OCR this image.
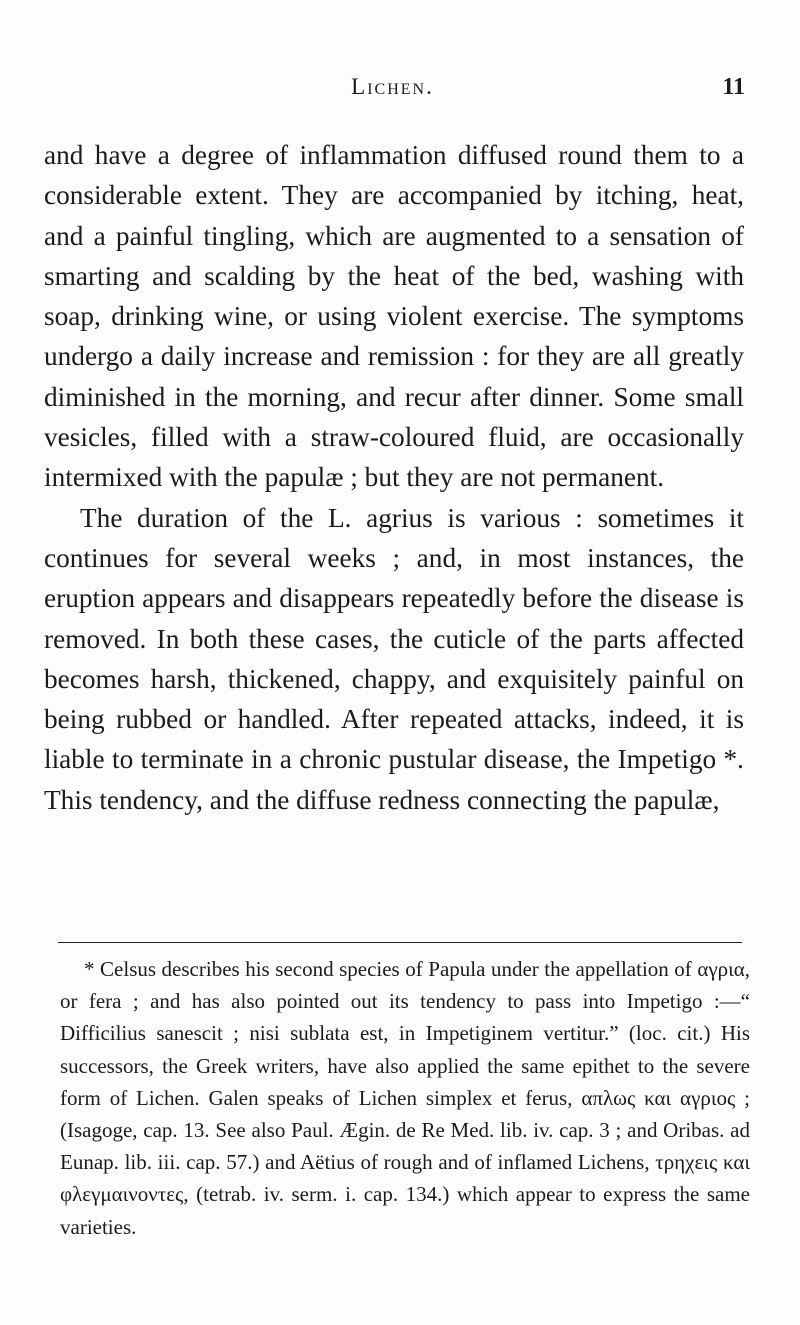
Lichen.	11

and have a degree of inflammation diffused round them to a considerable extent. They are accompanied by itching, heat, and a painful tingling, which are augmented to a sensation of smarting and scalding by the heat of the bed, washing with soap, drinking wine, or using violent exercise. The symptoms undergo a daily increase and remission : for they are all greatly diminished in the morning, and recur after dinner. Some small vesicles, filled with a straw-coloured fluid, are occasionally intermixed with the papulæ ; but they are not permanent.

The duration of the L. agrius is various : sometimes it continues for several weeks ; and, in most instances, the eruption appears and disappears repeatedly before the disease is removed. In both these cases, the cuticle of the parts affected becomes harsh, thickened, chappy, and exquisitely painful on being rubbed or handled. After repeated attacks, indeed, it is liable to terminate in a chronic pustular disease, the Impetigo *. This tendency, and the diffuse redness connecting the papulæ,

* Celsus describes his second species of Papula under the appellation of αγρια, or fera ; and has also pointed out its tendency to pass into Impetigo :—“ Difficilius sanescit ; nisi sublata est, in Impetiginem vertitur.” (loc. cit.) His successors, the Greek writers, have also applied the same epithet to the severe form of Lichen. Galen speaks of Lichen simplex et ferus, απλως και αγριος ; (Isagoge, cap. 13. See also Paul. Ægin. de Re Med. lib. iv. cap. 3 ; and Oribas. ad Eunap. lib. iii. cap. 57.) and Aëtius of rough and of inflamed Lichens, τρηχεις και φλεγμαινοντες, (tetrab. iv. serm. i. cap. 134.) which appear to express the same varieties.
